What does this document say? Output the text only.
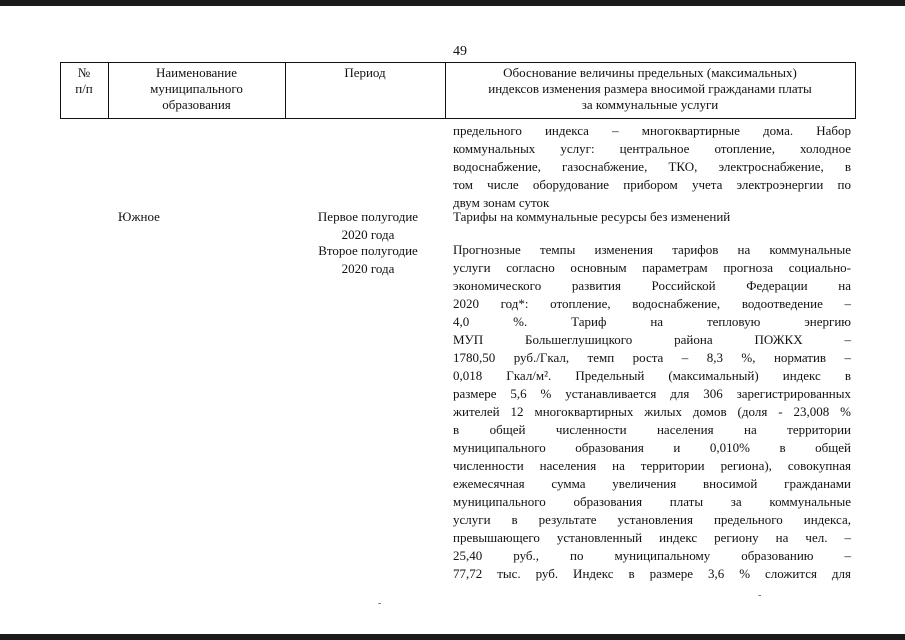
49
№
п/п
Наименование
муниципального
образования
Период	Обоснование величины предельных (максимальных)
индексов изменения размера вносимой гражданами платы
за коммунальные услуги
предельного индекса – многоквартирные дома. Набор
коммунальных услуг: центральное отопление, холодное
водоснабжение, газоснабжение, ТКО, электроснабжение, в
том числе оборудование прибором учета электроэнергии по
двум зонам суток
Южное	Первое полугодие
2020 года
Тарифы на коммунальные ресурсы без изменений
Второе полугодие
2020 года
Прогнозные темпы изменения тарифов на коммунальные
услуги согласно основным параметрам прогноза социально-
экономического развития Российской Федерации на
2020 год*: отопление, водоснабжение, водоотведение –
4,0 %. Тариф на тепловую энергию
МУП Большеглушицкого района ПОЖКХ –
1780,50 руб./Гкал, темп роста – 8,3 %, норматив –
0,018 Гкал/м². Предельный (максимальный) индекс в
размере 5,6 % устанавливается для 306 зарегистрированных
жителей 12 многоквартирных жилых домов (доля - 23,008 %
в общей численности населения на территории
муниципального образования и 0,010% в общей
численности населения на территории региона), совокупная
ежемесячная сумма увеличения вносимой гражданами
муниципального образования платы за коммунальные
услуги в результате установления предельного индекса,
превышающего установленный индекс региону на чел. –
25,40 руб., по муниципальному образованию –
77,72 тыс. руб. Индекс в размере 3,6 % сложится для
-
-
